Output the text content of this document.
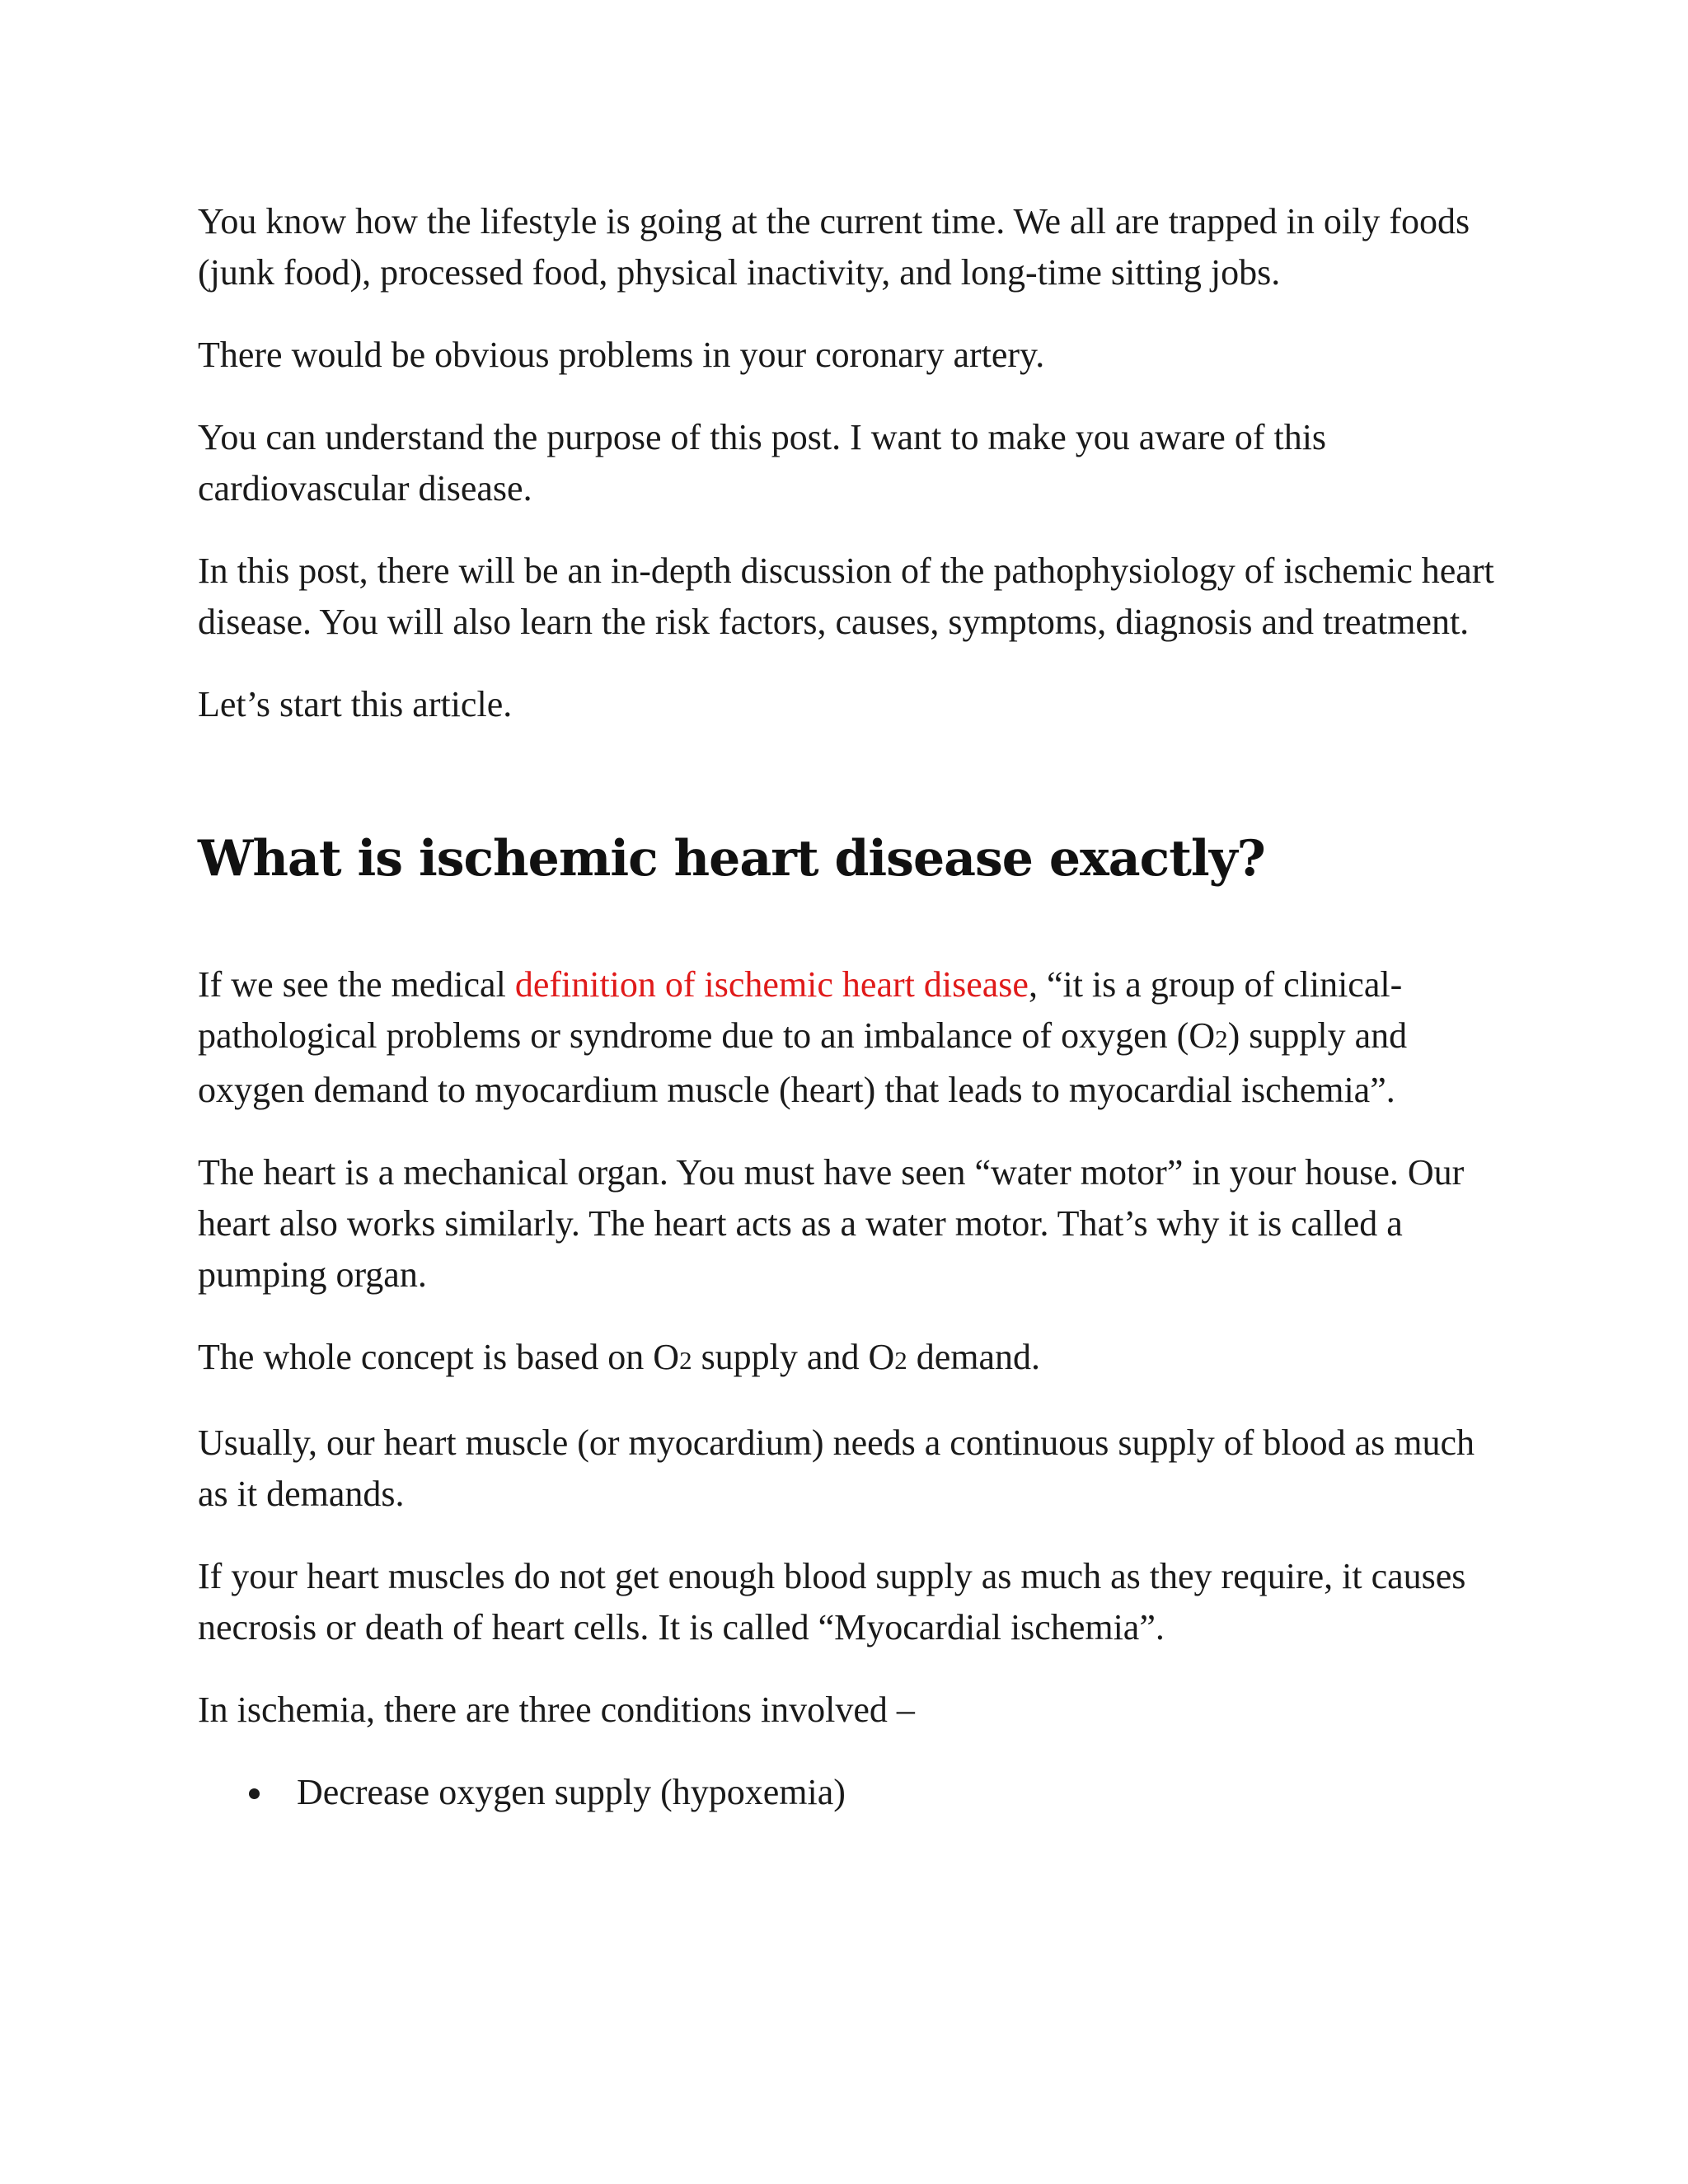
You know how the lifestyle is going at the current time. We all are trapped in oily foods (junk food), processed food, physical inactivity, and long-time sitting jobs.

There would be obvious problems in your coronary artery.

You can understand the purpose of this post. I want to make you aware of this cardiovascular disease.

In this post, there will be an in-depth discussion of the pathophysiology of ischemic heart disease. You will also learn the risk factors, causes, symptoms, diagnosis and treatment.

Let’s start this article.

What is ischemic heart disease exactly?

If we see the medical definition of ischemic heart disease, “it is a group of clinical-pathological problems or syndrome due to an imbalance of oxygen (O2) supply and oxygen demand to myocardium muscle (heart) that leads to myocardial ischemia”.

The heart is a mechanical organ. You must have seen “water motor” in your house. Our heart also works similarly. The heart acts as a water motor. That’s why it is called a pumping organ.

The whole concept is based on O2 supply and O2 demand.

Usually, our heart muscle (or myocardium) needs a continuous supply of blood as much as it demands.

If your heart muscles do not get enough blood supply as much as they require, it causes necrosis or death of heart cells. It is called “Myocardial ischemia”.

In ischemia, there are three conditions involved –

Decrease oxygen supply (hypoxemia)
